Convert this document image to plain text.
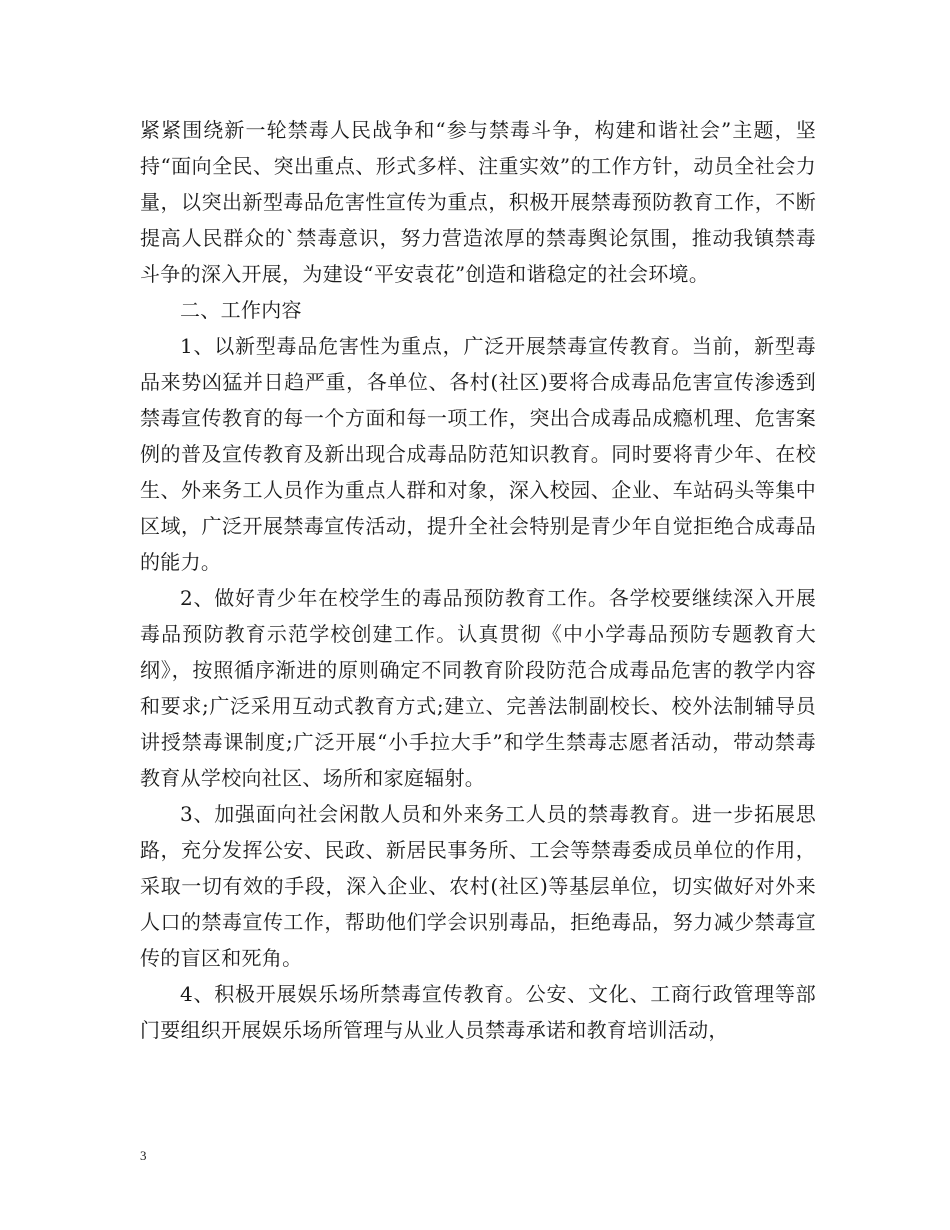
紧紧围绕新一轮禁毒人民战争和“参与禁毒斗争，构建和谐社会”主题，坚持“面向全民、突出重点、形式多样、注重实效”的工作方针，动员全社会力量，以突出新型毒品危害性宣传为重点，积极开展禁毒预防教育工作，不断提高人民群众的`禁毒意识，努力营造浓厚的禁毒舆论氛围，推动我镇禁毒斗争的深入开展，为建设“平安袁花”创造和谐稳定的社会环境。

二、工作内容

1、以新型毒品危害性为重点，广泛开展禁毒宣传教育。当前，新型毒品来势凶猛并日趋严重，各单位、各村(社区)要将合成毒品危害宣传渗透到禁毒宣传教育的每一个方面和每一项工作，突出合成毒品成瘾机理、危害案例的普及宣传教育及新出现合成毒品防范知识教育。同时要将青少年、在校生、外来务工人员作为重点人群和对象，深入校园、企业、车站码头等集中区域，广泛开展禁毒宣传活动，提升全社会特别是青少年自觉拒绝合成毒品的能力。

2、做好青少年在校学生的毒品预防教育工作。各学校要继续深入开展毒品预防教育示范学校创建工作。认真贯彻《中小学毒品预防专题教育大纲》，按照循序渐进的原则确定不同教育阶段防范合成毒品危害的教学内容和要求;广泛采用互动式教育方式;建立、完善法制副校长、校外法制辅导员讲授禁毒课制度;广泛开展“小手拉大手”和学生禁毒志愿者活动，带动禁毒教育从学校向社区、场所和家庭辐射。

3、加强面向社会闲散人员和外来务工人员的禁毒教育。进一步拓展思路，充分发挥公安、民政、新居民事务所、工会等禁毒委成员单位的作用，采取一切有效的手段，深入企业、农村(社区)等基层单位，切实做好对外来人口的禁毒宣传工作，帮助他们学会识别毒品，拒绝毒品，努力减少禁毒宣传的盲区和死角。

4、积极开展娱乐场所禁毒宣传教育。公安、文化、工商行政管理等部门要组织开展娱乐场所管理与从业人员禁毒承诺和教育培训活动，

3
